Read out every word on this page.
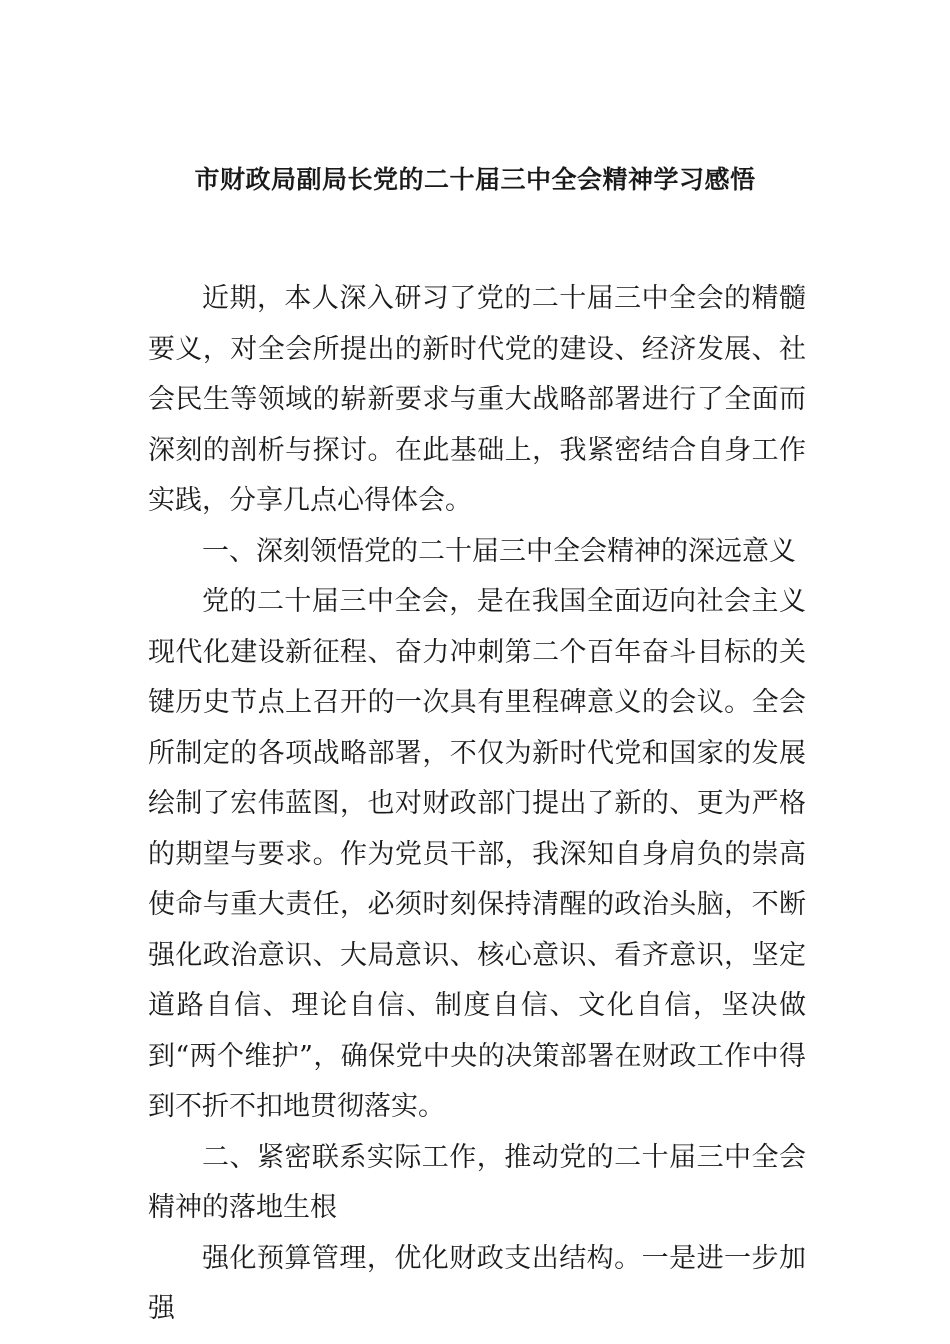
市财政局副局长党的二十届三中全会精神学习感悟

近期，本人深入研习了党的二十届三中全会的精髓要义，对全会所提出的新时代党的建设、经济发展、社会民生等领域的崭新要求与重大战略部署进行了全面而深刻的剖析与探讨。在此基础上，我紧密结合自身工作实践，分享几点心得体会。

一、深刻领悟党的二十届三中全会精神的深远意义

党的二十届三中全会，是在我国全面迈向社会主义现代化建设新征程、奋力冲刺第二个百年奋斗目标的关键历史节点上召开的一次具有里程碑意义的会议。全会所制定的各项战略部署，不仅为新时代党和国家的发展绘制了宏伟蓝图，也对财政部门提出了新的、更为严格的期望与要求。作为党员干部，我深知自身肩负的崇高使命与重大责任，必须时刻保持清醒的政治头脑，不断强化政治意识、大局意识、核心意识、看齐意识，坚定道路自信、理论自信、制度自信、文化自信，坚决做到“两个维护”，确保党中央的决策部署在财政工作中得到不折不扣地贯彻落实。

二、紧密联系实际工作，推动党的二十届三中全会精神的落地生根

强化预算管理，优化财政支出结构。一是进一步加强
